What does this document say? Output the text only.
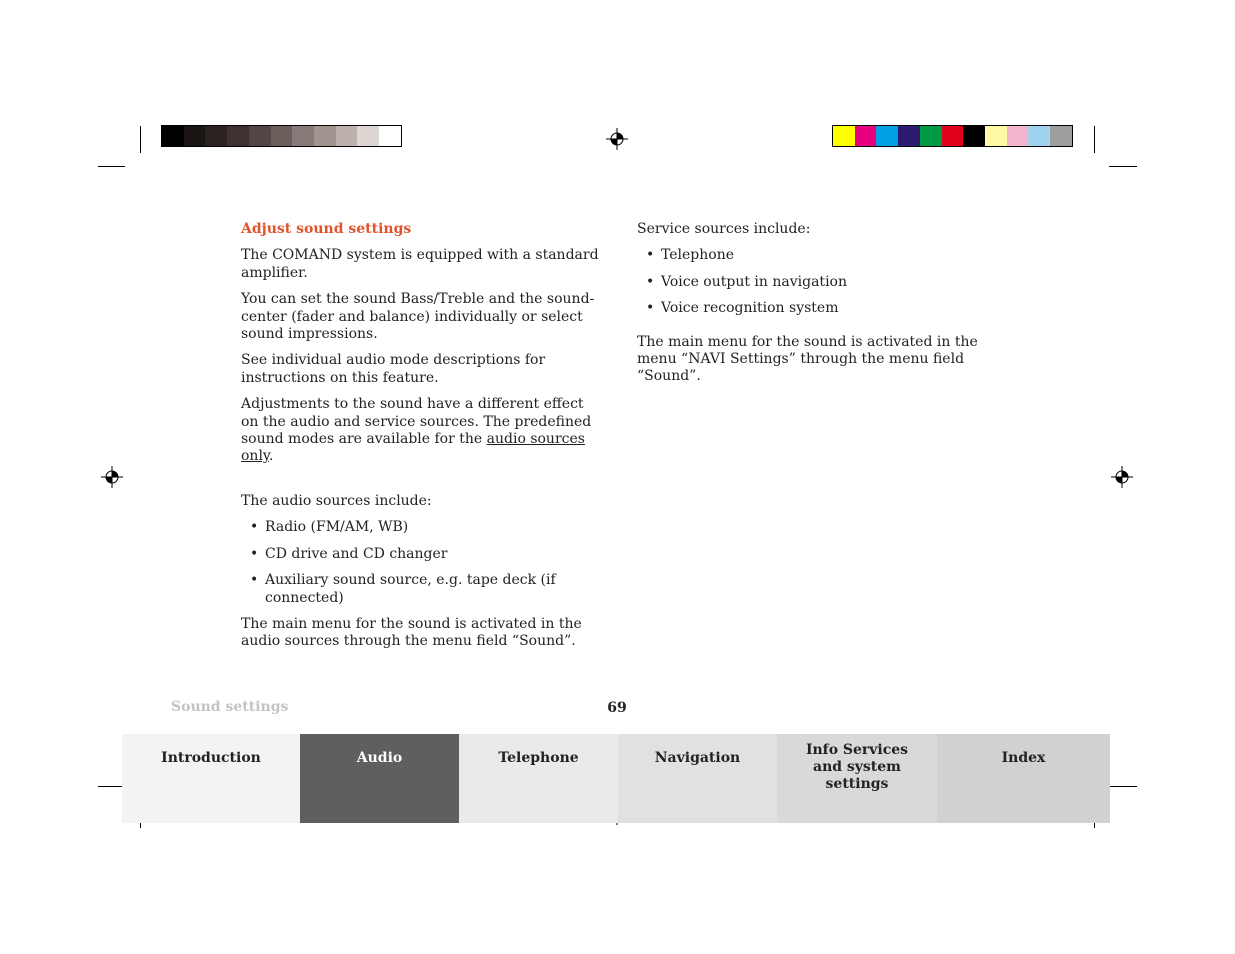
Adjust sound settings

The COMAND system is equipped with a standard amplifier.

You can set the sound Bass/Treble and the soundcenter (fader and balance) individually or select sound impressions.

See individual audio mode descriptions for instructions on this feature.

Adjustments to the sound have a different effect on the audio and service sources. The predefined sound modes are available for the audio sources only.

The audio sources include:

• Radio (FM/AM, WB)
• CD drive and CD changer
• Auxiliary sound source, e.g. tape deck (if connected)

The main menu for the sound is activated in the audio sources through the menu field “Sound”.

Service sources include:

• Telephone
• Voice output in navigation
• Voice recognition system

The main menu for the sound is activated in the menu “NAVI Settings” through the menu field “Sound”.

Sound settings	69
Introduction	Audio	Telephone	Navigation	Info Services and system settings
Index
